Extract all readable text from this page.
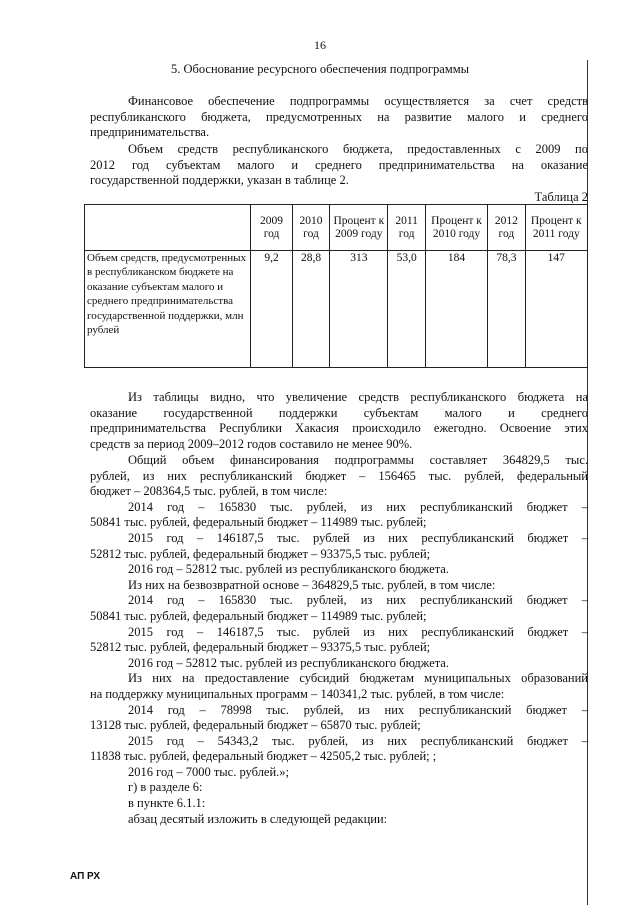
16
5. Обоснование ресурсного обеспечения подпрограммы
Финансовое обеспечение подпрограммы осуществляется за счет средств
республиканского бюджета, предусмотренных на развитие малого и среднего
предпринимательства.
Объем средств республиканского бюджета, предоставленных с 2009 по
2012 год субъектам малого и среднего предпринимательства на оказание
государственной поддержки, указан в таблице 2.
Таблица 2
	2009 год	2010 год	Процент к 2009 году	2011 год	Процент к 2010 году	2012 год	Процент к 2011 году
Объем средств, предусмотренных в республиканском бюджете на оказание субъектам малого и среднего предпринимательства государственной поддержки, млн рублей	9,2	28,8	313	53,0	184	78,3	147
Из таблицы видно, что увеличение средств республиканского бюджета на
оказание государственной поддержки субъектам малого и среднего
предпринимательства Республики Хакасия происходило ежегодно. Освоение этих
средств за период 2009–2012 годов составило не менее 90%.
Общий объем финансирования подпрограммы составляет 364829,5 тыс.
рублей, из них республиканский бюджет – 156465 тыс. рублей, федеральный
бюджет – 208364,5 тыс. рублей, в том числе:
2014 год – 165830 тыс. рублей, из них республиканский бюджет –
50841 тыс. рублей, федеральный бюджет – 114989 тыс. рублей;
2015 год – 146187,5 тыс. рублей из них республиканский бюджет –
52812 тыс. рублей, федеральный бюджет – 93375,5 тыс. рублей;
2016 год – 52812 тыс. рублей из республиканского бюджета.
Из них на безвозвратной основе – 364829,5 тыс. рублей, в том числе:
2014 год – 165830 тыс. рублей, из них республиканский бюджет –
50841 тыс. рублей, федеральный бюджет – 114989 тыс. рублей;
2015 год – 146187,5 тыс. рублей из них республиканский бюджет –
52812 тыс. рублей, федеральный бюджет – 93375,5 тыс. рублей;
2016 год – 52812 тыс. рублей из республиканского бюджета.
Из них на предоставление субсидий бюджетам муниципальных образований
на поддержку муниципальных программ – 140341,2 тыс. рублей, в том числе:
2014 год – 78998 тыс. рублей, из них республиканский бюджет –
13128 тыс. рублей, федеральный бюджет – 65870 тыс. рублей;
2015 год – 54343,2 тыс. рублей, из них республиканский бюджет –
11838 тыс. рублей, федеральный бюджет – 42505,2 тыс. рублей; ;
2016 год – 7000 тыс. рублей.»;
г) в разделе 6:
в пункте 6.1.1:
абзац десятый изложить в следующей редакции:
АП РХ
